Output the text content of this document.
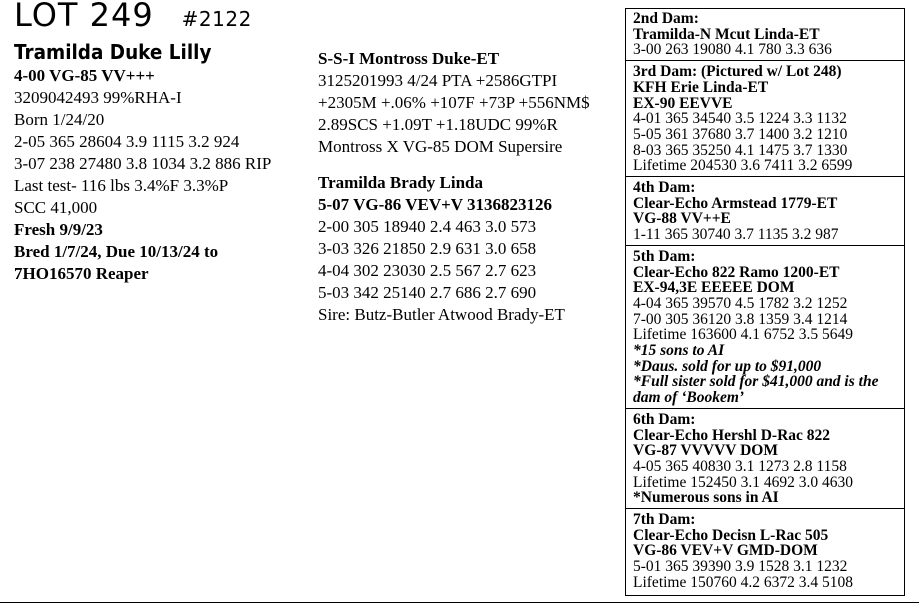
LOT 249 #2122
Tramilda Duke Lilly
4-00 VG-85 VV+++
3209042493 99%RHA-I
Born 1/24/20
2-05 365 28604 3.9 1115 3.2 924
3-07 238 27480 3.8 1034 3.2 886 RIP
Last test- 116 lbs 3.4%F 3.3%P
SCC 41,000
Fresh 9/9/23
Bred 1/7/24, Due 10/13/24 to
7HO16570 Reaper
S-S-I Montross Duke-ET
3125201993 4/24 PTA +2586GTPI
+2305M +.06% +107F +73P +556NM$
2.89SCS +1.09T +1.18UDC 99%R
Montross X VG-85 DOM Supersire
Tramilda Brady Linda
5-07 VG-86 VEV+V 3136823126
2-00 305 18940 2.4 463 3.0 573
3-03 326 21850 2.9 631 3.0 658
4-04 302 23030 2.5 567 2.7 623
5-03 342 25140 2.7 686 2.7 690
Sire: Butz-Butler Atwood Brady-ET
2nd Dam:
Tramilda-N Mcut Linda-ET
3-00 263 19080 4.1 780 3.3 636
3rd Dam: (Pictured w/ Lot 248)
KFH Erie Linda-ET
EX-90 EEVVE
4-01 365 34540 3.5 1224 3.3 1132
5-05 361 37680 3.7 1400 3.2 1210
8-03 365 35250 4.1 1475 3.7 1330
Lifetime 204530 3.6 7411 3.2 6599
4th Dam:
Clear-Echo Armstead 1779-ET
VG-88 VV++E
1-11 365 30740 3.7 1135 3.2 987
5th Dam:
Clear-Echo 822 Ramo 1200-ET
EX-94,3E EEEEE DOM
4-04 365 39570 4.5 1782 3.2 1252
7-00 305 36120 3.8 1359 3.4 1214
Lifetime 163600 4.1 6752 3.5 5649
*15 sons to AI
*Daus. sold for up to $91,000
*Full sister sold for $41,000 and is the
dam of ‘Bookem’
6th Dam:
Clear-Echo Hershl D-Rac 822
VG-87 VVVVV DOM
4-05 365 40830 3.1 1273 2.8 1158
Lifetime 152450 3.1 4692 3.0 4630
*Numerous sons in AI
7th Dam:
Clear-Echo Decisn L-Rac 505
VG-86 VEV+V GMD-DOM
5-01 365 39390 3.9 1528 3.1 1232
Lifetime 150760 4.2 6372 3.4 5108
